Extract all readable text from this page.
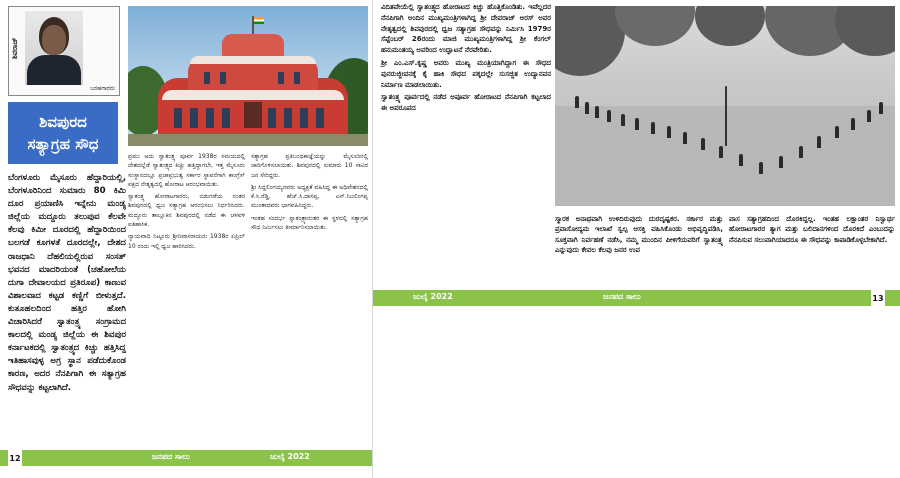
ಶಿವರಾಜ್
ಬರಹಗಾರರು
ಶಿವಪುರದ
ಸತ್ಯಾಗ್ರಹ ಸೌಧ
ಬೆಂಗಳೂರು ಮೈಸೂರು ಹೆದ್ದಾರಿಯಲ್ಲಿ, ಬೆಂಗಳೂರಿನಿಂದ ಸುಮಾರು 80 ಕಿಮಿ ದೂರ ಪ್ರಯಾಣಿಸಿ ಇನ್ನೇನು ಮಂಡ್ಯ ಜಿಲ್ಲೆಯ ಮದ್ದೂರು ತಲುಪುವ ಕೆಲವೇ ಕೆಲವು ಕಿಮೀ ದೂರದಲ್ಲಿ ಹೆದ್ದಾರಿಯಿಂದ ಬಲಗಡೆ ಕೂಗಳತೆ ದೂರದಲ್ಲೇ, ದೇಶದ ರಾಜಧಾನಿ ದೆಹಲಿಯಲ್ಲಿರುವ ಸಂಸತ್ ಭವನದ ಮಾದರಿಯಂತೆ (ಚಹೋಲೆಯ ದುಗಾ ದೇವಾಲಯದ ಪ್ರತಿರೂಪ) ಕಾಣುವ ವಿಶಾಲವಾದ ಕಟ್ಟಡ ಕಣ್ಣಿಗೆ ಬೀಳುತ್ತದೆ. ಕುತೂಹಲದಿಂದ ಹತ್ತಿರ ಹೋಗಿ ವಿಚಾರಿಸಿದರೆ ಸ್ವಾತಂತ್ರ್ಯ ಸಂಗ್ರಾಮದ ಕಾಲದಲ್ಲಿ ಮಂಡ್ಯ ಜಿಲ್ಲೆಯ ಈ ಶಿವಪುರ ಕರ್ನಾಟಕದಲ್ಲಿ ಸ್ವಾತಂತ್ರ್ಯದ ಕಿಚ್ಚು ಹತ್ತಿಸಿದ್ದ ಇತಿಹಾಸವುಳ್ಳ ಅಗ್ರ ಸ್ಥಾನ ಪಡೆದುಕೊಂಡ ಕಾರಣ, ಅದರ ನೆನಪಿಗಾಗಿ ಈ ಸತ್ಯಾಗ್ರಹ ಸೌಧವನ್ನು ಕಟ್ಟಲಾಗಿದೆ.

ಪ್ರಮು ಅದು ಸ್ವಾತಂತ್ರ್ಯ ಪೂರ್ವ 1938ರ ಸಮಯದಲ್ಲಿ ದೇಶದಲ್ಲೆಡೆ ಸ್ವಾತಂತ್ರ್ಯದ ಕಿಚ್ಚು ಹತ್ತಿದ್ದಾಗಲೇ, ಇತ್ತ ಮೈಸೂರು ಸಂಸ್ಥಾನದಲ್ಲೂ ಪ್ರಜಾಪ್ರಭುತ್ವ ಸರ್ಕಾರ ಸ್ಥಾಪನೆಗಾಗಿ ಕಾಂಗ್ರೆಸ್ ಪಕ್ಷದ ನೇತೃತ್ವದಲ್ಲಿ ಹೋರಾಟ ಆರಂಭವಾಯಿತು.

ಸ್ವಾತಂತ್ರ್ಯ ಹೋರಾಟಗಾರರು, ಬಿಡುಗಡೆಯ ನಂತರ ಶಿವಪುರದಲ್ಲಿ ಧ್ವಜ ಸತ್ಯಾಗ್ರಹ ಆರಂಭಿಸಲು ನಿರ್ಧರಿಸಿದರು. ಮದ್ದೂರು ತಾಲ್ಲೂಕಿನ ಶಿವಪುರದಲ್ಲಿ ನಡೆದ ಈ ಚಳವಳಿ ಐತಿಹಾಸಿಕ.

ನ್ಯಾಯವಾದಿ ನಿಟ್ಟೂರು ಶ್ರೀನಿವಾಸರಾಯರು 1938ರ ಏಪ್ರಿಲ್ 10 ರಂದು ಇಲ್ಲಿ ಧ್ವಜ ಹಾರಿಸಿದರು.

ಸತ್ಯಾಗ್ರಹ ಪ್ರತಿಬಂಧಕಾಜ್ಞೆಯನ್ನು ಮೈಸೂರಿನಲ್ಲಿ ಜಾರಿಗೊಳಿಸಲಾಯಿತು. ಶಿವಪುರದಲ್ಲಿ ಸುಮಾರು 10 ಸಾವಿರ ಜನ ಸೇರಿದ್ದರು.

ಶ್ರೀ ಸಿದ್ದಲಿಂಗಯ್ಯನವರು ಅಧ್ಯಕ್ಷತೆ ವಹಿಸಿದ್ದ ಈ ಅಧಿವೇಶನದಲ್ಲಿ ಕೆ.ಸಿ.ರೆಡ್ಡಿ, ಹೆಚ್.ಸಿ.ದಾಸಪ್ಪ, ಎಸ್.ನಿಜಲಿಂಗಪ್ಪ ಮುಂತಾದವರು ಭಾಗವಹಿಸಿದ್ದರು.

ಇಂತಹ ಸಂದರ್ಭ ಸ್ವಾತಂತ್ರ್ಯಾನಂತರ ಈ ಸ್ಥಳದಲ್ಲಿ ಸತ್ಯಾಗ್ರಹ ಸೌಧ ನಿರ್ಮಿಸಲು ತೀರ್ಮಾನಿಸಲಾಯಿತು.

12	ಜನಪದ ಸಾಲು	ಜುಲೈ 2022

ವಿದಿತವೇಯೆಲ್ಲಿ ಸ್ವಾತಂತ್ರ್ಯದ ಹೋರಾಟದ ಕಿಚ್ಚು ಹೊತ್ತಿಕೊಂಡಿತು. ಇವೆಲ್ಲದರ ನೆನಪಿಗಾಗಿ ಅಂದಿನ ಮುಖ್ಯಮಂತ್ರಿಗಳಾಗಿದ್ದ ಶ್ರೀ ದೇವರಾಜ್ ಅರಸ್ ಅವರ ನೇತೃತ್ವದಲ್ಲಿ ಶಿವಪುರದಲ್ಲಿ ಧ್ವಜ ಸತ್ಯಾಗ್ರಹ ಸೌಧವನ್ನು ನಿರ್ಮಿಸಿ 1979ರ ಸೆಪ್ಟೆಂಬರ್ 26ರಂದು ಮಾಜಿ ಮುಖ್ಯಮಂತ್ರಿಗಳಾಗಿದ್ದ ಶ್ರೀ ಕೆಂಗಲ್ ಹನುಮಂತಯ್ಯ ಅವರಿಂದ ಉದ್ಘಾಟನೆ ನೆರವೇರಿತು.

ಶ್ರೀ ಎಂ.ಎಸ್.ಕೃಷ್ಣ ಅವರು ಮುಖ್ಯ ಮಂತ್ರಿಯಾಗಿದ್ದಾಗ ಈ ಸೌಧದ ಪುನರುಜ್ಜೀವನಕ್ಕೆ ಕೈ ಹಾಕಿ ಸೌಧದ ಪಕ್ಕದಲ್ಲೇ ಸುಸಜ್ಜಿತ ಉದ್ಯಾನವನ ನಿರ್ಮಾಣ ಮಾಡಲಾಯಿತು.

ಸ್ವಾತಂತ್ರ್ಯ ಪೂರ್ವದಲ್ಲಿ ನಡೆದ ಅಪೂರ್ವ ಹೋರಾಟದ ನೆನಪಿಗಾಗಿ ಕಟ್ಟಲಾದ ಈ ಅಪರೂಪದ

ಸ್ಮಾರಕ ಅನಾಥವಾಗಿ ಉಳಿದಿರುವುದು ದುರದೃಷ್ಟಕರ. ಸರ್ಕಾರ ಮತ್ತು ಪ್ರವಾಸೋದ್ಯಮ ಇಲಾಖೆ ಸ್ವಲ್ಪ ಆಸಕ್ತಿ ವಹಿಸಿಕೊಂಡು ಅಭಿವೃದ್ಧಿಪಡಿಸಿ, ಸೂಕ್ತವಾಗಿ ನಿರ್ವಹಣೆ ನಡೆಸಿ, ನಮ್ಮ ಮುಂದಿನ ಪೀಳಿಗೆಯವರಿಗೆ ಸ್ವಾತಂತ್ರ್ಯ ಎನ್ನುವುದು ಕೇವಲ ಕೆಲವು ಜನರ ಉಪ
ವಾಸ ಸತ್ಯಾಗ್ರಹದಿಂದ ದೊರಕಿದ್ದಲ್ಲ. ಇಂತಹ ಲಕ್ಷಾಂತರ ನಿಸ್ವಾರ್ಥ ಹೋರಾಟಗಾರರ ತ್ಯಾಗ ಮತ್ತು ಬಲಿದಾನಗಳಿಂದ ದೊರಕಿದೆ ಎಂಬುದನ್ನು ನೆನಪಿಸುವ ಸಲುವಾಗಿಯಾದರೂ ಈ ಸೌಧವನ್ನು ಕಾಪಾಡಿಕೊಳ್ಳಬೇಕಾಗಿದೆ.
ಜುಲೈ 2022	ಜನಪದ ಸಾಲು	13
